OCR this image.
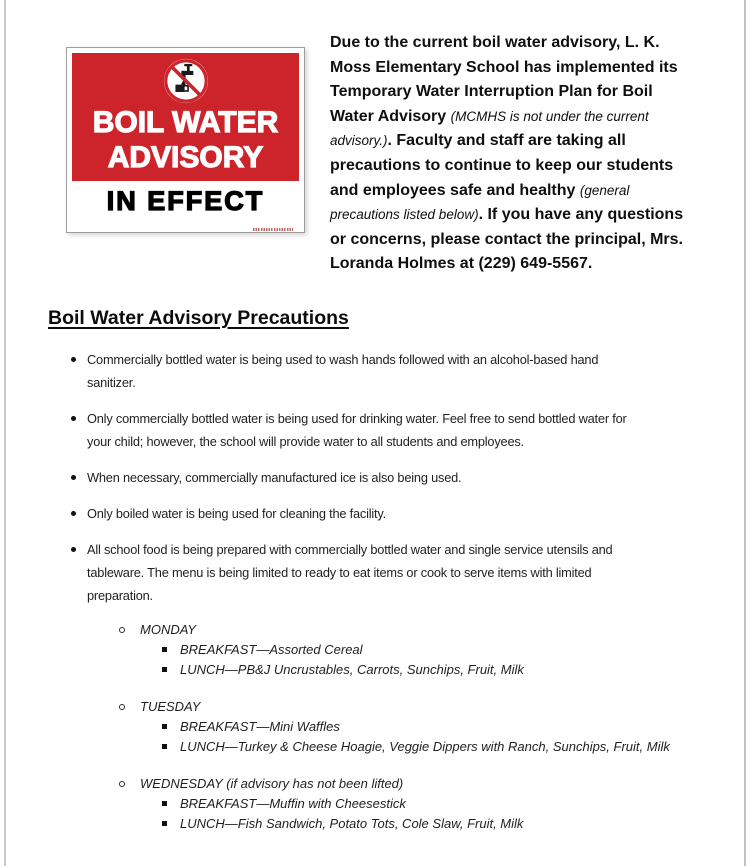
BOIL WATER
ADVISORY
IN EFFECT
Due to the current boil water advisory, L. K.
Moss Elementary School has implemented its
Temporary Water Interruption Plan for Boil
Water Advisory (MCMHS is not under the current
advisory.). Faculty and staff are taking all
precautions to continue to keep our students
and employees safe and healthy (general
precautions listed below). If you have any questions
or concerns, please contact the principal, Mrs.
Loranda Holmes at (229) 649-5567.
Boil Water Advisory Precautions
Commercially bottled water is being used to wash hands followed with an alcohol-based hand
sanitizer.
Only commercially bottled water is being used for drinking water. Feel free to send bottled water for
your child; however, the school will provide water to all students and employees.
When necessary, commercially manufactured ice is also being used.
Only boiled water is being used for cleaning the facility.
All school food is being prepared with commercially bottled water and single service utensils and
tableware. The menu is being limited to ready to eat items or cook to serve items with limited
preparation.
MONDAY
BREAKFAST—Assorted Cereal
LUNCH—PB&J Uncrustables, Carrots, Sunchips, Fruit, Milk
TUESDAY
BREAKFAST—Mini Waffles
LUNCH—Turkey & Cheese Hoagie, Veggie Dippers with Ranch, Sunchips, Fruit, Milk
WEDNESDAY (if advisory has not been lifted)
BREAKFAST—Muffin with Cheesestick
LUNCH—Fish Sandwich, Potato Tots, Cole Slaw, Fruit, Milk
